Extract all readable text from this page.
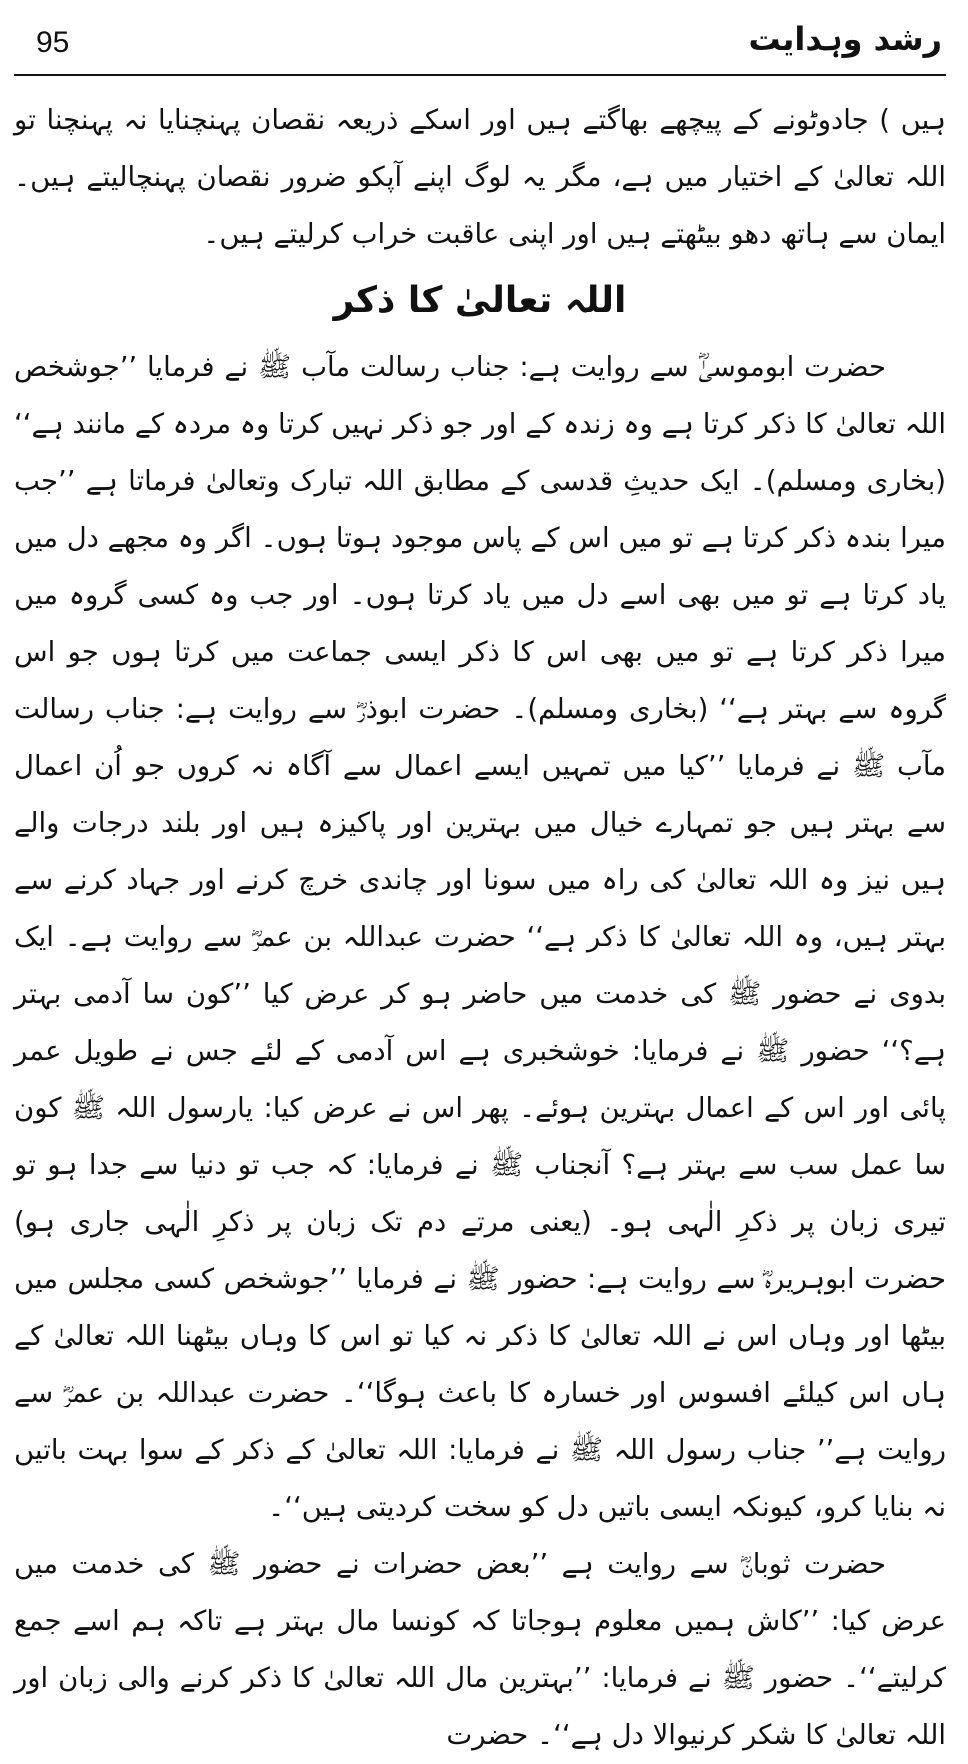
95	رشد وہدایت

ہیں ) جادوٹونے کے پیچھے بھاگتے ہیں اور اسکے ذریعہ نقصان پہنچنایا نہ پہنچنا تو اللہ تعالیٰ کے اختیار میں ہے، مگر یہ لوگ اپنے آپکو ضرور نقصان پہنچالیتے ہیں۔ ایمان سے ہاتھ دھو بیٹھتے ہیں اور اپنی عاقبت خراب کرلیتے ہیں۔

اللہ تعالیٰ کا ذکر

حضرت ابوموسیٰؓ سے روایت ہے: جناب رسالت مآب ﷺ نے فرمایا ’’جوشخص اللہ تعالیٰ کا ذکر کرتا ہے وہ زندہ کے اور جو ذکر نہیں کرتا وہ مردہ کے مانند ہے‘‘ (بخاری ومسلم)۔ ایک حدیثِ قدسی کے مطابق اللہ تبارک وتعالیٰ فرماتا ہے ’’جب میرا بندہ ذکر کرتا ہے تو میں اس کے پاس موجود ہوتا ہوں۔ اگر وہ مجھے دل میں یاد کرتا ہے تو میں بھی اسے دل میں یاد کرتا ہوں۔ اور جب وہ کسی گروہ میں میرا ذکر کرتا ہے تو میں بھی اس کا ذکر ایسی جماعت میں کرتا ہوں جو اس گروہ سے بہتر ہے‘‘ (بخاری ومسلم)۔ حضرت ابوذرؓ سے روایت ہے: جناب رسالت مآب ﷺ نے فرمایا ’’کیا میں تمہیں ایسے اعمال سے آگاہ نہ کروں جو اُن اعمال سے بہتر ہیں جو تمہارے خیال میں بہترین اور پاکیزہ ہیں اور بلند درجات والے ہیں نیز وہ اللہ تعالیٰ کی راہ میں سونا اور چاندی خرچ کرنے اور جہاد کرنے سے بہتر ہیں، وہ اللہ تعالیٰ کا ذکر ہے‘‘ حضرت عبداللہ بن عمرؓ سے روایت ہے۔ ایک بدوی نے حضور ﷺ کی خدمت میں حاضر ہو کر عرض کیا ’’کون سا آدمی بہتر ہے؟‘‘ حضور ﷺ نے فرمایا: خوشخبری ہے اس آدمی کے لئے جس نے طویل عمر پائی اور اس کے اعمال بہترین ہوئے۔ پھر اس نے عرض کیا: یارسول اللہ ﷺ کون سا عمل سب سے بہتر ہے؟ آنجناب ﷺ نے فرمایا: کہ جب تو دنیا سے جدا ہو تو تیری زبان پر ذکرِ الٰہی ہو۔ (یعنی مرتے دم تک زبان پر ذکرِ الٰہی جاری ہو) حضرت ابوہریرہؓ سے روایت ہے: حضور ﷺ نے فرمایا ’’جوشخص کسی مجلس میں بیٹھا اور وہاں اس نے اللہ تعالیٰ کا ذکر نہ کیا تو اس کا وہاں بیٹھنا اللہ تعالیٰ کے ہاں اس کیلئے افسوس اور خسارہ کا باعث ہوگا‘‘۔ حضرت عبداللہ بن عمرؓ سے روایت ہے’’ جناب رسول اللہ ﷺ نے فرمایا: اللہ تعالیٰ کے ذکر کے سوا بہت باتیں نہ بنایا کرو، کیونکہ ایسی باتیں دل کو سخت کردیتی ہیں‘‘۔

حضرت ثوبانؓ سے روایت ہے ’’بعض حضرات نے حضور ﷺ کی خدمت میں عرض کیا: ’’کاش ہمیں معلوم ہوجاتا کہ کونسا مال بہتر ہے تاکہ ہم اسے جمع کرلیتے‘‘۔ حضور ﷺ نے فرمایا: ’’بہترین مال اللہ تعالیٰ کا ذکر کرنے والی زبان اور اللہ تعالیٰ کا شکر کرنیوالا دل ہے‘‘۔ حضرت
